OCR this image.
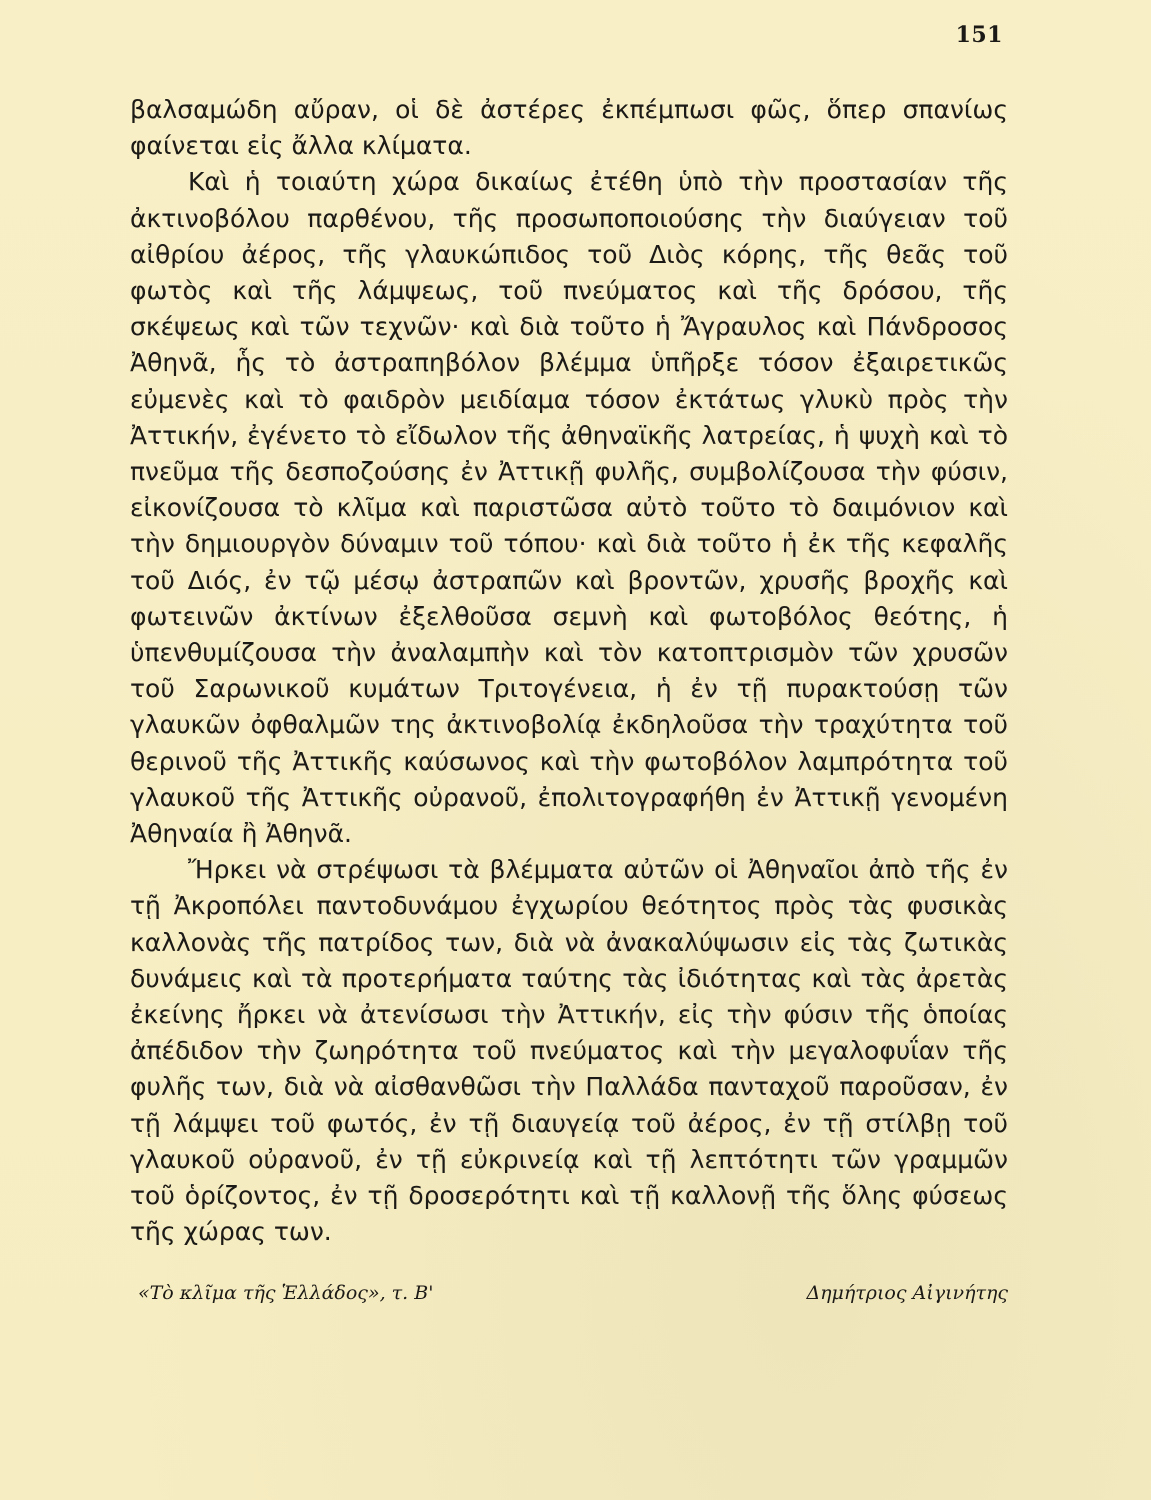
151

βαλσαμώδη αὔραν, οἱ δὲ ἀστέρες ἐκπέμπωσι φῶς, ὅπερ σπανίως φαίνεται εἰς ἄλλα κλίματα.

Καὶ ἡ τοιαύτη χώρα δικαίως ἐτέθη ὑπὸ τὴν προστασίαν τῆς ἀκτινοβόλου παρθένου, τῆς προσωποποιούσης τὴν διαύγειαν τοῦ αἰθρίου ἀέρος, τῆς γλαυκώπιδος τοῦ Διὸς κόρης, τῆς θεᾶς τοῦ φωτὸς καὶ τῆς λάμψεως, τοῦ πνεύματος καὶ τῆς δρόσου, τῆς σκέψεως καὶ τῶν τεχνῶν· καὶ διὰ τοῦτο ἡ Ἄγραυλος καὶ Πάνδροσος Ἀθηνᾶ, ἧς τὸ ἀστραπηβόλον βλέμμα ὑπῆρξε τόσον ἐξαιρετικῶς εὐμενὲς καὶ τὸ φαιδρὸν μειδίαμα τόσον ἐκτάτως γλυκὺ πρὸς τὴν Ἀττικήν, ἐγένετο τὸ εἴδωλον τῆς ἀθηναϊκῆς λατρείας, ἡ ψυχὴ καὶ τὸ πνεῦμα τῆς δεσποζούσης ἐν Ἀττικῇ φυλῆς, συμβολίζουσα τὴν φύσιν, εἰκονίζουσα τὸ κλῖμα καὶ παριστῶσα αὐτὸ τοῦτο τὸ δαιμόνιον καὶ τὴν δημιουργὸν δύναμιν τοῦ τόπου· καὶ διὰ τοῦτο ἡ ἐκ τῆς κεφαλῆς τοῦ Διός, ἐν τῷ μέσῳ ἀστραπῶν καὶ βροντῶν, χρυσῆς βροχῆς καὶ φωτεινῶν ἀκτίνων ἐξελθοῦσα σεμνὴ καὶ φωτοβόλος θεότης, ἡ ὑπενθυμίζουσα τὴν ἀναλαμπὴν καὶ τὸν κατοπτρισμὸν τῶν χρυσῶν τοῦ Σαρωνικοῦ κυμάτων Τριτογένεια, ἡ ἐν τῇ πυρακτούσῃ τῶν γλαυκῶν ὀφθαλμῶν της ἀκτινοβολίᾳ ἐκδηλοῦσα τὴν τραχύτητα τοῦ θερινοῦ τῆς Ἀττικῆς καύσωνος καὶ τὴν φωτοβόλον λαμπρότητα τοῦ γλαυκοῦ τῆς Ἀττικῆς οὐρανοῦ, ἐπολιτογραφήθη ἐν Ἀττικῇ γενομένη Ἀθηναία ἢ Ἀθηνᾶ.

Ἤρκει νὰ στρέψωσι τὰ βλέμματα αὐτῶν οἱ Ἀθηναῖοι ἀπὸ τῆς ἐν τῇ Ἀκροπόλει παντοδυνάμου ἐγχωρίου θεότητος πρὸς τὰς φυσικὰς καλλονὰς τῆς πατρίδος των, διὰ νὰ ἀνακαλύψωσιν εἰς τὰς ζωτικὰς δυνάμεις καὶ τὰ προτερήματα ταύτης τὰς ἰδιότητας καὶ τὰς ἀρετὰς ἐκείνης ἤρκει νὰ ἀτενίσωσι τὴν Ἀττικήν, εἰς τὴν φύσιν τῆς ὁποίας ἀπέδιδον τὴν ζωηρότητα τοῦ πνεύματος καὶ τὴν μεγαλοφυΐαν τῆς φυλῆς των, διὰ νὰ αἰσθανθῶσι τὴν Παλλάδα πανταχοῦ παροῦσαν, ἐν τῇ λάμψει τοῦ φωτός, ἐν τῇ διαυγείᾳ τοῦ ἀέρος, ἐν τῇ στίλβῃ τοῦ γλαυκοῦ οὐρανοῦ, ἐν τῇ εὐκρινείᾳ καὶ τῇ λεπτότητι τῶν γραμμῶν τοῦ ὁρίζοντος, ἐν τῇ δροσερότητι καὶ τῇ καλλονῇ τῆς ὅλης φύσεως τῆς χώρας των.

«Τὸ κλῖμα τῆς Ἑλλάδος», τ. Β'	Δημήτριος Αἰγινήτης
